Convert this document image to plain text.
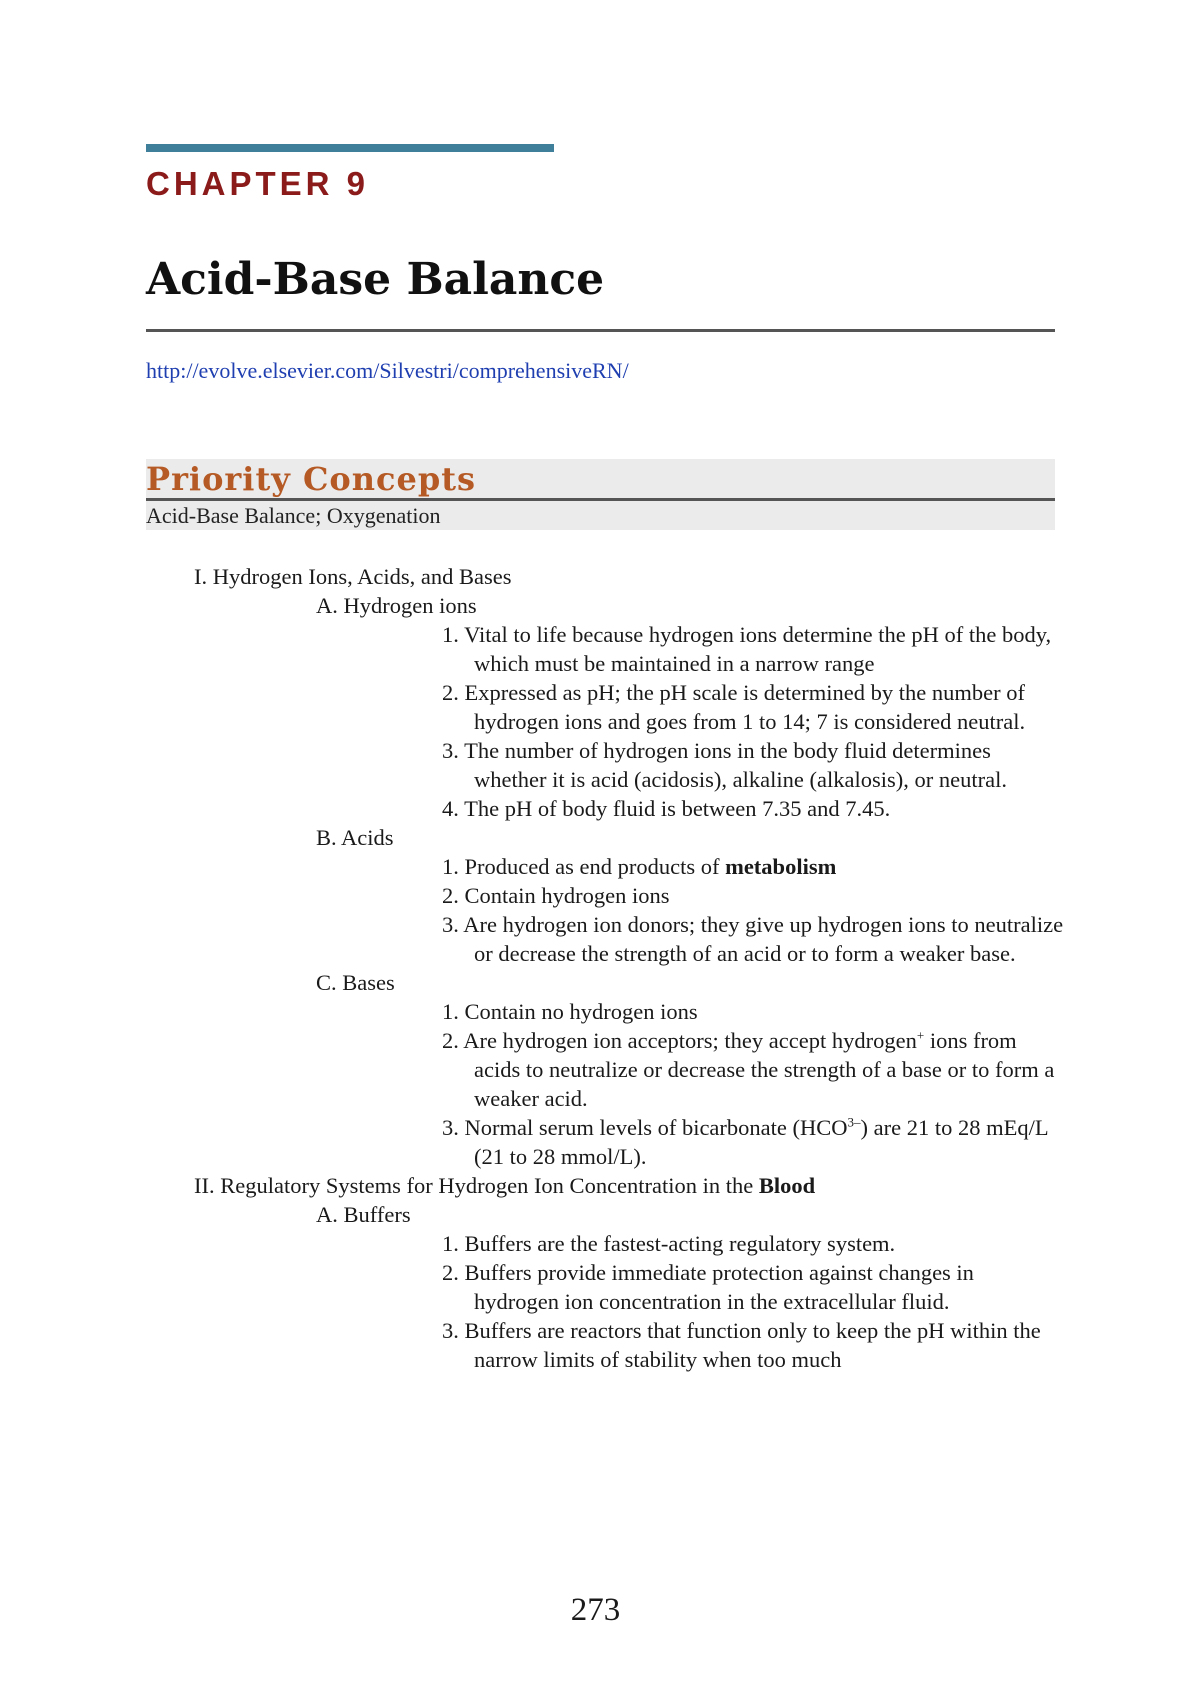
CHAPTER 9
Acid-Base Balance
http://evolve.elsevier.com/Silvestri/comprehensiveRN/
Priority Concepts
Acid-Base Balance; Oxygenation

I. Hydrogen Ions, Acids, and Bases

A. Hydrogen ions

1. Vital to life because hydrogen ions determine the pH of the body, which must be maintained in a narrow range

2. Expressed as pH; the pH scale is determined by the number of hydrogen ions and goes from 1 to 14; 7 is considered neutral.

3. The number of hydrogen ions in the body fluid determines whether it is acid (acidosis), alkaline (alkalosis), or neutral.

4. The pH of body fluid is between 7.35 and 7.45.

B. Acids

1. Produced as end products of metabolism

2. Contain hydrogen ions

3. Are hydrogen ion donors; they give up hydrogen ions to neutralize or decrease the strength of an acid or to form a weaker base.

C. Bases

1. Contain no hydrogen ions

2. Are hydrogen ion acceptors; they accept hydrogen+ ions from acids to neutralize or decrease the strength of a base or to form a weaker acid.

3. Normal serum levels of bicarbonate $(HCO^{3-})$ are 21 to 28 mEq/L (21 to 28 mmol/L).

II. Regulatory Systems for Hydrogen Ion Concentration in the Blood

A. Buffers

1. Buffers are the fastest-acting regulatory system.

2. Buffers provide immediate protection against changes in hydrogen ion concentration in the extracellular fluid.

3. Buffers are reactors that function only to keep the pH within the narrow limits of stability when too much

273
